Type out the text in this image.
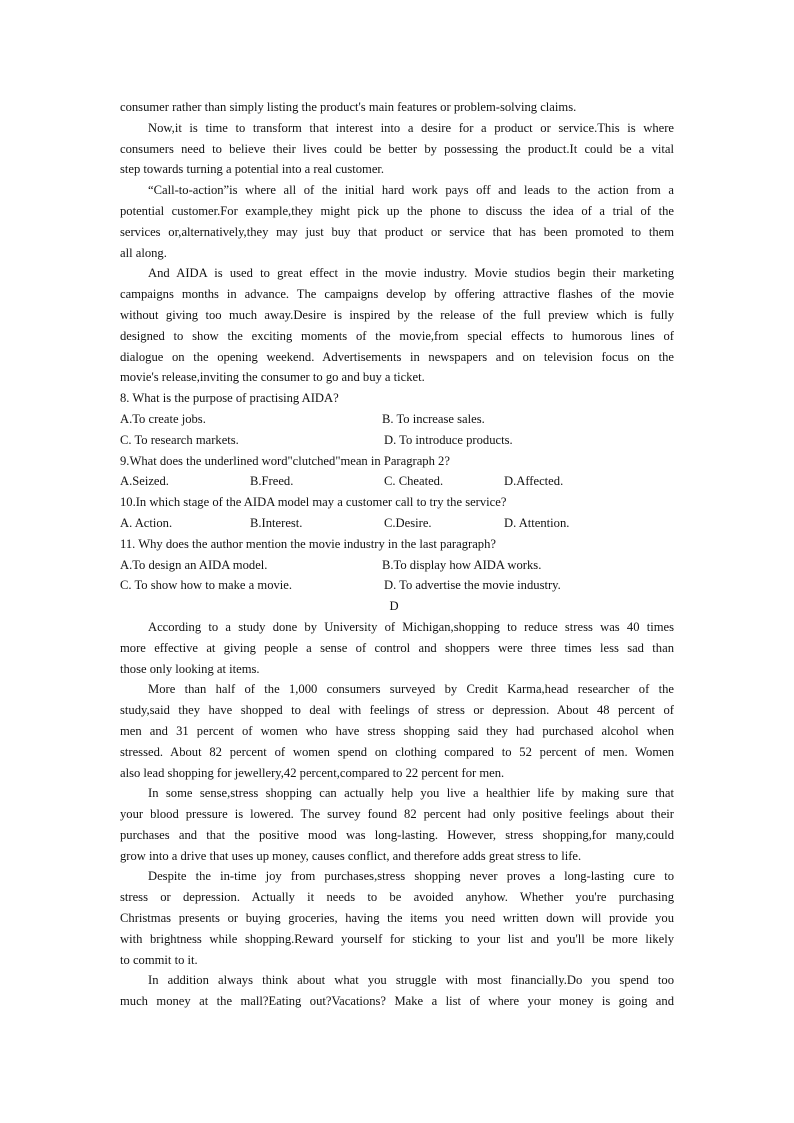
consumer rather than simply listing the product's main features or problem-solving claims.
Now,it is time to transform that interest into a desire for a product or service.This is where
consumers need to believe their lives could be better by possessing the product.It could be a vital
step towards turning a potential into a real customer.
“Call-to-action”is where all of the initial hard work pays off and leads to the action from a
potential customer.For example,they might pick up the phone to discuss the idea of a trial of the
services or,alternatively,they may just buy that product or service that has been promoted to them
all along.
And AIDA is used to great effect in the movie industry. Movie studios begin their marketing
campaigns months in advance. The campaigns develop by offering attractive flashes of the movie
without giving too much away.Desire is inspired by the release of the full preview which is fully
designed to show the exciting moments of the movie,from special effects to humorous lines of
dialogue on the opening weekend. Advertisements in newspapers and on television focus on the
movie's release,inviting the consumer to go and buy a ticket.
8. What is the purpose of practising AIDA?
A.To create jobs.	B. To increase sales.
C. To research markets.	D. To introduce products.
9.What does the underlined word"clutched"mean in Paragraph 2?
A.Seized.	B.Freed.	C. Cheated.	D.Affected.
10.In which stage of the AIDA model may a customer call to try the service?
A. Action.	B.Interest.	C.Desire.	D. Attention.
11. Why does the author mention the movie industry in the last paragraph?
A.To design an AIDA model.	B.To display how AIDA works.
C. To show how to make a movie.	D. To advertise the movie industry.
D
According to a study done by University of Michigan,shopping to reduce stress was 40 times
more effective at giving people a sense of control and shoppers were three times less sad than
those only looking at items.
More than half of the 1,000 consumers surveyed by Credit Karma,head researcher of the
study,said they have shopped to deal with feelings of stress or depression. About 48 percent of
men and 31 percent of women who have stress shopping said they had purchased alcohol when
stressed. About 82 percent of women spend on clothing compared to 52 percent of men. Women
also lead shopping for jewellery,42 percent,compared to 22 percent for men.
In some sense,stress shopping can actually help you live a healthier life by making sure that
your blood pressure is lowered. The survey found 82 percent had only positive feelings about their
purchases and that the positive mood was long-lasting. However, stress shopping,for many,could
grow into a drive that uses up money, causes conflict, and therefore adds great stress to life.
Despite the in-time joy from purchases,stress shopping never proves a long-lasting cure to
stress or depression. Actually it needs to be avoided anyhow. Whether you're purchasing
Christmas presents or buying groceries, having the items you need written down will provide you
with brightness while shopping.Reward yourself for sticking to your list and you'll be more likely
to commit to it.
In addition always think about what you struggle with most financially.Do you spend too
much money at the mall?Eating out?Vacations? Make a list of where your money is going and
